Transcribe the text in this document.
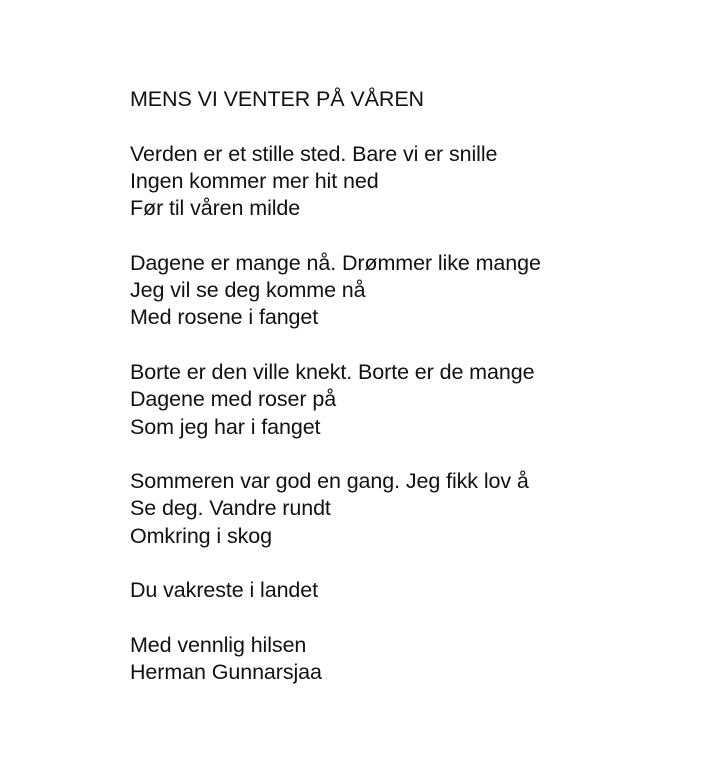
MENS VI VENTER PÅ VÅREN
Verden er et stille sted. Bare vi er snille
Ingen kommer mer hit ned
Før til våren milde
Dagene er mange nå. Drømmer like mange
Jeg vil se deg komme nå
Med rosene i fanget
Borte er den ville knekt. Borte er de mange
Dagene med roser på
Som jeg har i fanget
Sommeren var god en gang. Jeg fikk lov å
Se deg. Vandre rundt
Omkring i skog
Du vakreste i landet
Med vennlig hilsen
Herman Gunnarsjaa
